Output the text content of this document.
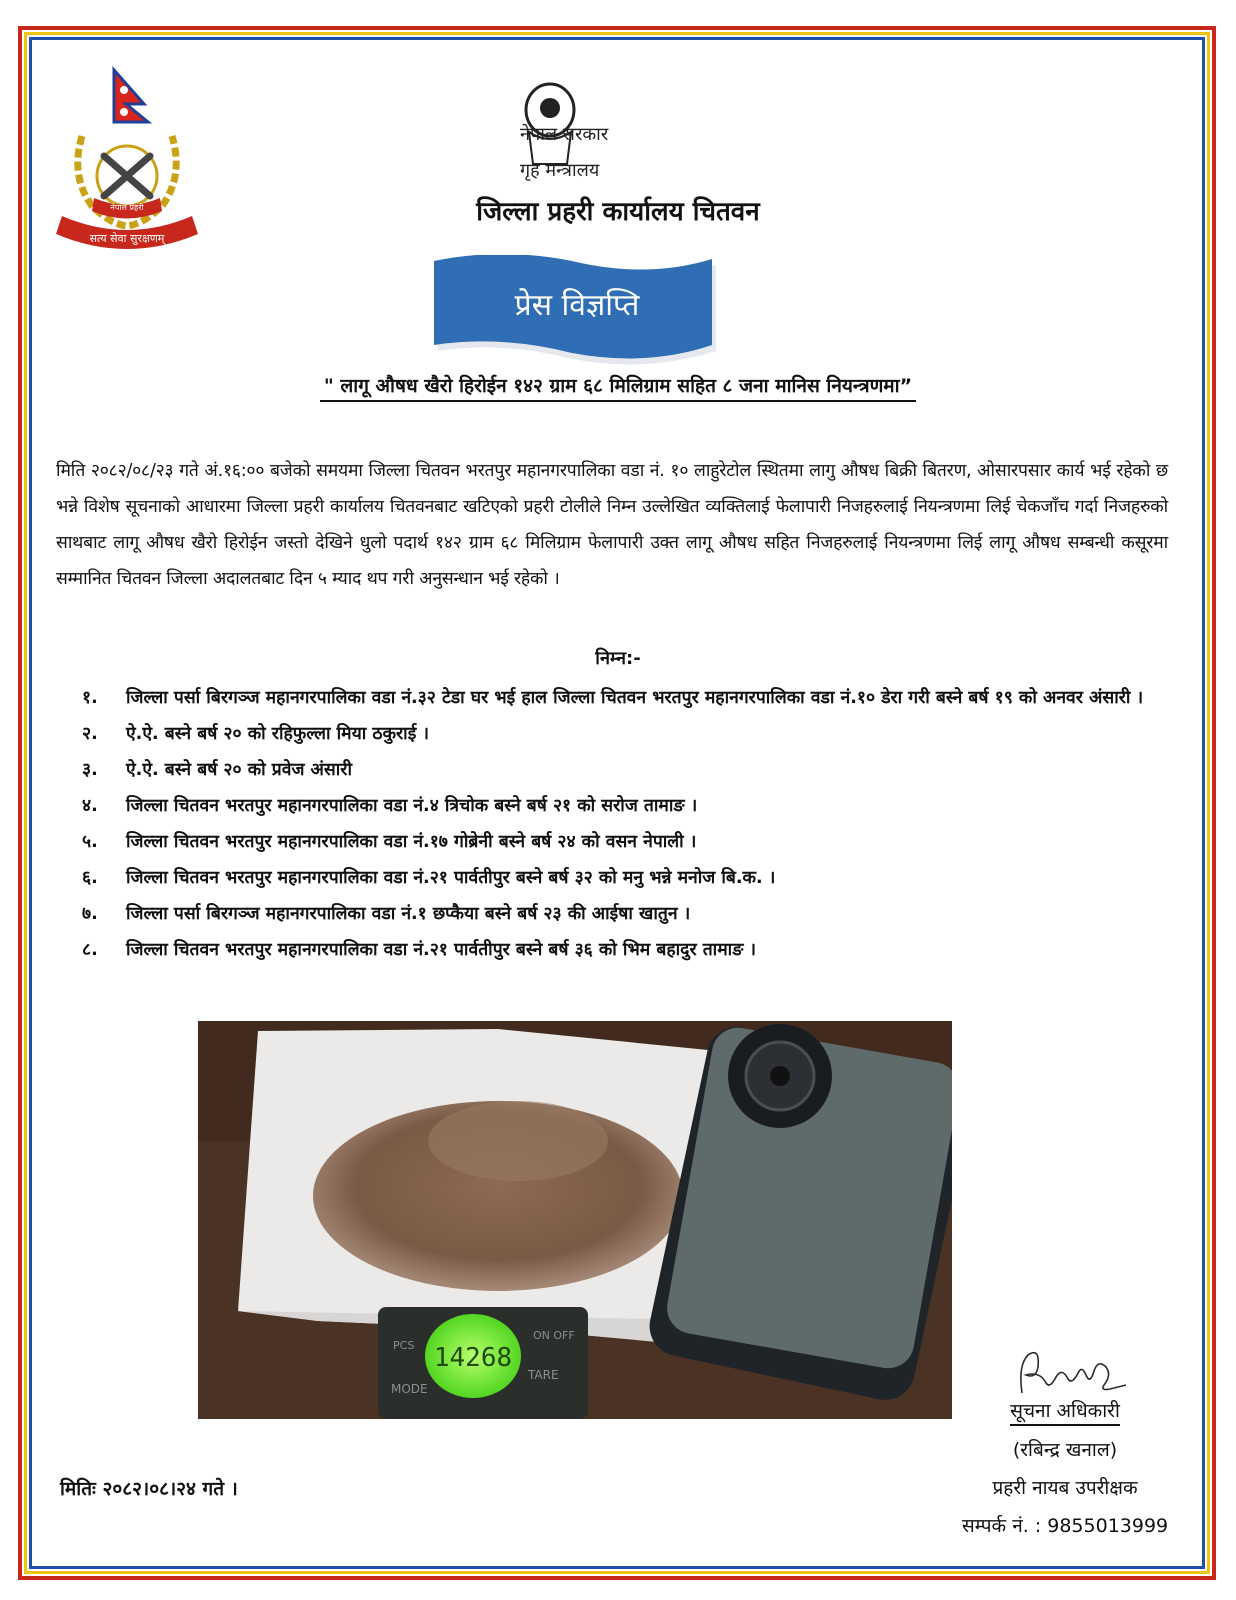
सत्य सेवा सुरक्षणम्
नेपाल प्रहरी
नेपाल सरकार
गृह मन्त्रालय
जिल्ला प्रहरी कार्यालय चितवन
प्रेस विज्ञप्ति
" लागू औषध खैरो हिरोईन १४२ ग्राम ६८ मिलिग्राम सहित ८ जना मानिस नियन्त्रणमा”
मिति २०८२/०८/२३ गते अं.१६:०० बजेको समयमा जिल्ला चितवन भरतपुर महानगरपालिका वडा नं. १० लाहुरेटोल स्थितमा लागु औषध बिक्री बितरण, ओसारपसार कार्य भई रहेको छ भन्ने विशेष सूचनाको आधारमा जिल्ला प्रहरी कार्यालय चितवनबाट खटिएको प्रहरी टोलीले निम्न उल्लेखित व्यक्तिलाई फेलापारी निजहरुलाई नियन्त्रणमा लिई चेकजाँच गर्दा निजहरुको साथबाट लागू औषध खैरो हिरोईन जस्तो देखिने धुलो पदार्थ १४२ ग्राम ६८ मिलिग्राम फेलापारी उक्त लागू औषध सहित निजहरुलाई नियन्त्रणमा लिई लागू औषध सम्बन्धी कसूरमा सम्मानित चितवन जिल्ला अदालतबाट दिन ५ म्याद थप गरी अनुसन्धान भई रहेको ।
निम्न:-
१.	जिल्ला पर्सा बिरगञ्ज महानगरपालिका वडा नं.३२ टेडा घर भई हाल जिल्ला चितवन भरतपुर महानगरपालिका वडा नं.१० डेरा गरी बस्ने बर्ष १९ को अनवर अंसारी ।
२.	ऐ.ऐ. बस्ने बर्ष २० को रहिफुल्ला मिया ठकुराई ।
३.	ऐ.ऐ. बस्ने बर्ष २० को प्रवेज अंसारी
४.	जिल्ला चितवन भरतपुर महानगरपालिका वडा नं.४ त्रिचोक बस्ने बर्ष २१ को सरोज तामाङ ।
५.	जिल्ला चितवन भरतपुर महानगरपालिका वडा नं.१७ गोब्रेनी बस्ने बर्ष २४ को वसन नेपाली ।
६.	जिल्ला चितवन भरतपुर महानगरपालिका वडा नं.२१ पार्वतीपुर बस्ने बर्ष ३२ को मनु भन्ने मनोज बि.क. ।
७.	जिल्ला पर्सा बिरगञ्ज महानगरपालिका वडा नं.१ छप्कैया बस्ने बर्ष २३ की आईषा खातुन ।
८.	जिल्ला चितवन भरतपुर महानगरपालिका वडा नं.२१ पार्वतीपुर बस्ने बर्ष ३६ को भिम बहादुर तामाङ ।
14268
PCS
ON OFF
MODE
TARE
सूचना अधिकारी
(रबिन्द्र खनाल)
प्रहरी नायब उपरीक्षक
सम्पर्क नं. : 9855013999
मितिः २०८२।०८।२४ गते ।
